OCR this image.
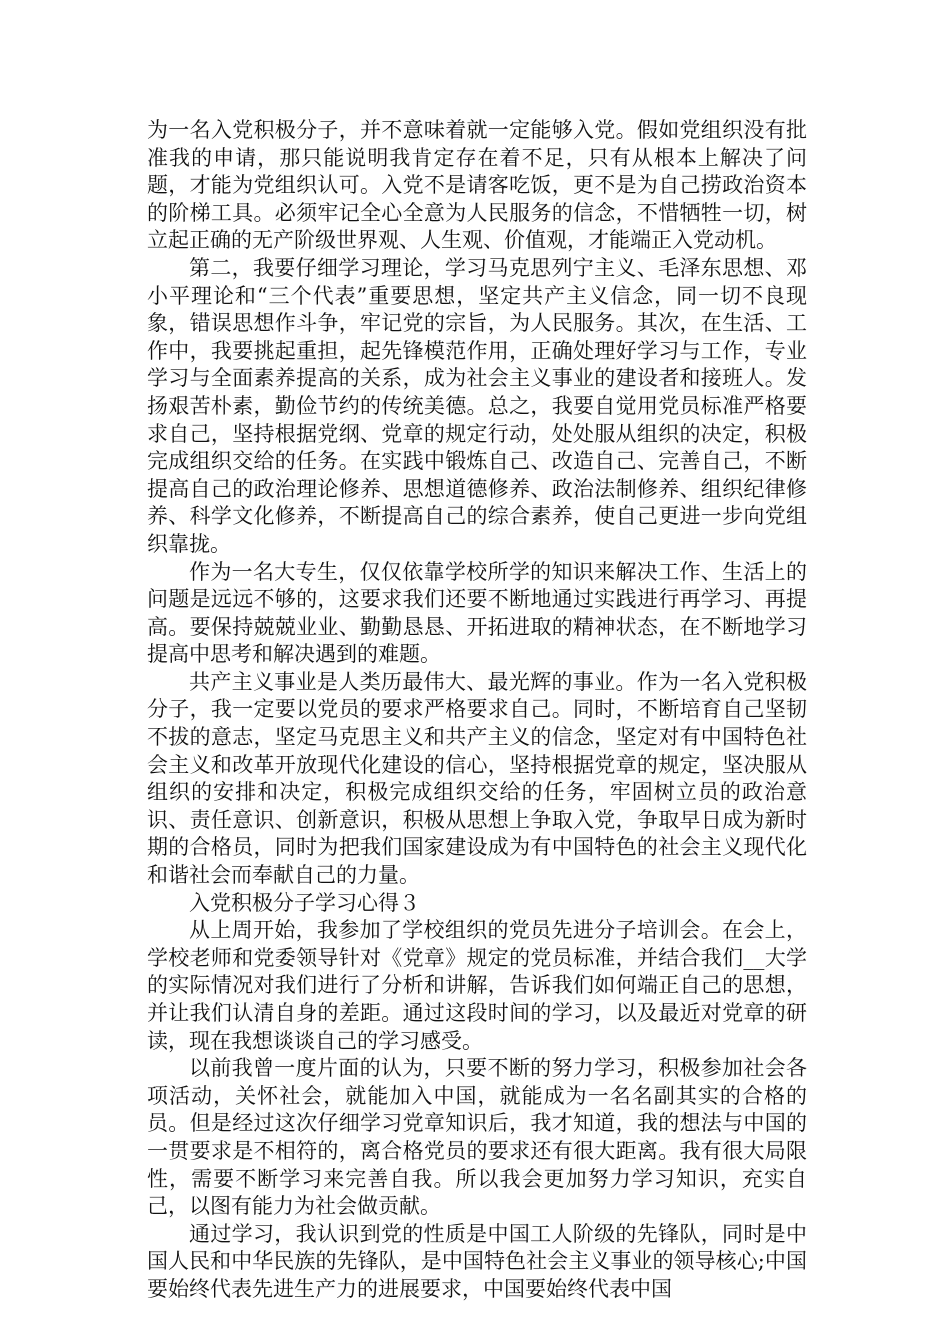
为一名入党积极分子，并不意味着就一定能够入党。假如党组织没有批准我的申请，那只能说明我肯定存在着不足，只有从根本上解决了问题，才能为党组织认可。入党不是请客吃饭，更不是为自己捞政治资本的阶梯工具。必须牢记全心全意为人民服务的信念，不惜牺牲一切，树立起正确的无产阶级世界观、人生观、价值观，才能端正入党动机。

第二，我要仔细学习理论，学习马克思列宁主义、毛泽东思想、邓小平理论和“三个代表”重要思想，坚定共产主义信念，同一切不良现象，错误思想作斗争，牢记党的宗旨，为人民服务。其次，在生活、工作中，我要挑起重担，起先锋模范作用，正确处理好学习与工作，专业学习与全面素养提高的关系，成为社会主义事业的建设者和接班人。发扬艰苦朴素，勤俭节约的传统美德。总之，我要自觉用党员标准严格要求自己，坚持根据党纲、党章的规定行动，处处服从组织的决定，积极完成组织交给的任务。在实践中锻炼自己、改造自己、完善自己，不断提高自己的政治理论修养、思想道德修养、政治法制修养、组织纪律修养、科学文化修养，不断提高自己的综合素养，使自己更进一步向党组织靠拢。

作为一名大专生，仅仅依靠学校所学的知识来解决工作、生活上的问题是远远不够的，这要求我们还要不断地通过实践进行再学习、再提高。要保持兢兢业业、勤勤恳恳、开拓进取的精神状态，在不断地学习提高中思考和解决遇到的难题。

共产主义事业是人类历最伟大、最光辉的事业。作为一名入党积极分子，我一定要以党员的要求严格要求自己。同时，不断培育自己坚韧不拔的意志，坚定马克思主义和共产主义的信念，坚定对有中国特色社会主义和改革开放现代化建设的信心，坚持根据党章的规定，坚决服从组织的安排和决定，积极完成组织交给的任务，牢固树立员的政治意识、责任意识、创新意识，积极从思想上争取入党，争取早日成为新时期的合格员，同时为把我们国家建设成为有中国特色的社会主义现代化和谐社会而奉献自己的力量。

入党积极分子学习心得３

从上周开始，我参加了学校组织的党员先进分子培训会。在会上，学校老师和党委领导针对《党章》规定的党员标准，并结合我们__大学的实际情况对我们进行了分析和讲解，告诉我们如何端正自己的思想，并让我们认清自身的差距。通过这段时间的学习，以及最近对党章的研读，现在我想谈谈自己的学习感受。

以前我曾一度片面的认为，只要不断的努力学习，积极参加社会各项活动，关怀社会，就能加入中国，就能成为一名名副其实的合格的员。但是经过这次仔细学习党章知识后，我才知道，我的想法与中国的一贯要求是不相符的，离合格党员的要求还有很大距离。我有很大局限性，需要不断学习来完善自我。所以我会更加努力学习知识，充实自己，以图有能力为社会做贡献。

通过学习，我认识到党的性质是中国工人阶级的先锋队，同时是中国人民和中华民族的先锋队，是中国特色社会主义事业的领导核心;中国要始终代表先进生产力的进展要求，中国要始终代表中国
